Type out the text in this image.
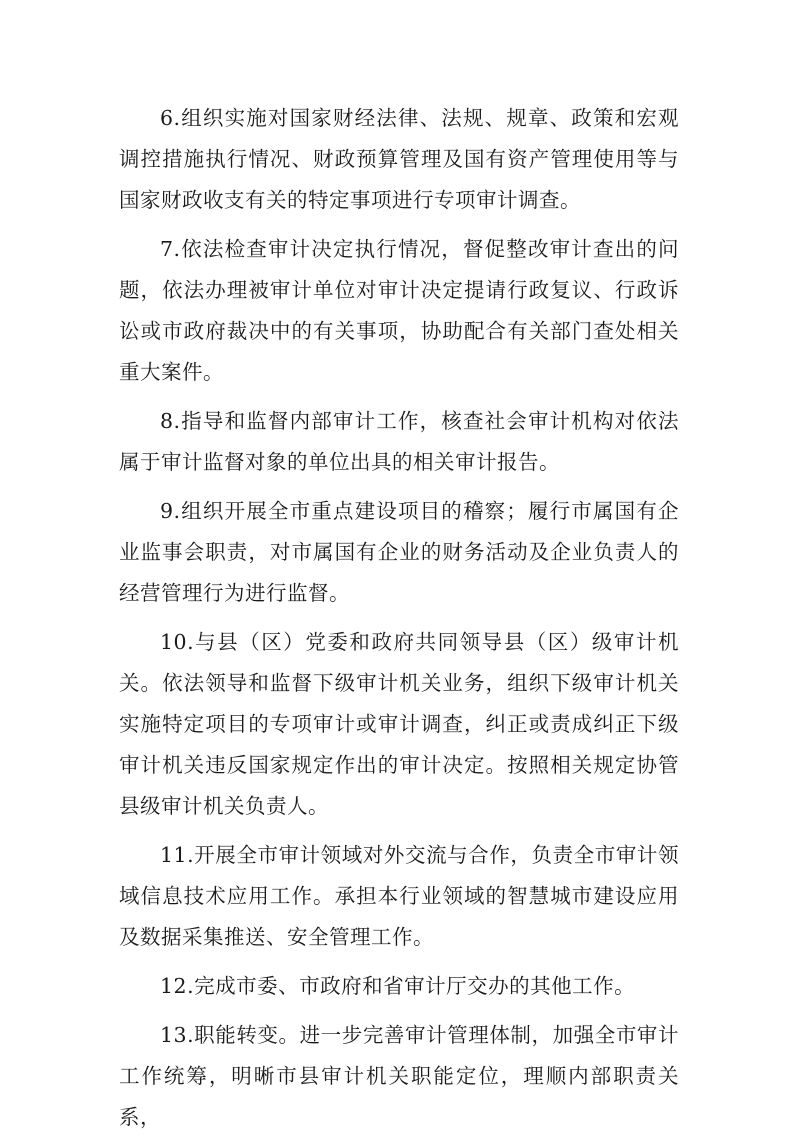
6.组织实施对国家财经法律、法规、规章、政策和宏观调控措施执行情况、财政预算管理及国有资产管理使用等与国家财政收支有关的特定事项进行专项审计调查。

7.依法检查审计决定执行情况，督促整改审计查出的问题，依法办理被审计单位对审计决定提请行政复议、行政诉讼或市政府裁决中的有关事项，协助配合有关部门查处相关重大案件。

8.指导和监督内部审计工作，核查社会审计机构对依法属于审计监督对象的单位出具的相关审计报告。

9.组织开展全市重点建设项目的稽察；履行市属国有企业监事会职责，对市属国有企业的财务活动及企业负责人的经营管理行为进行监督。

10.与县（区）党委和政府共同领导县（区）级审计机关。依法领导和监督下级审计机关业务，组织下级审计机关实施特定项目的专项审计或审计调查，纠正或责成纠正下级审计机关违反国家规定作出的审计决定。按照相关规定协管县级审计机关负责人。

11.开展全市审计领域对外交流与合作，负责全市审计领域信息技术应用工作。承担本行业领域的智慧城市建设应用及数据采集推送、安全管理工作。

12.完成市委、市政府和省审计厅交办的其他工作。

13.职能转变。进一步完善审计管理体制，加强全市审计工作统筹，明晰市县审计机关职能定位，理顺内部职责关系，
